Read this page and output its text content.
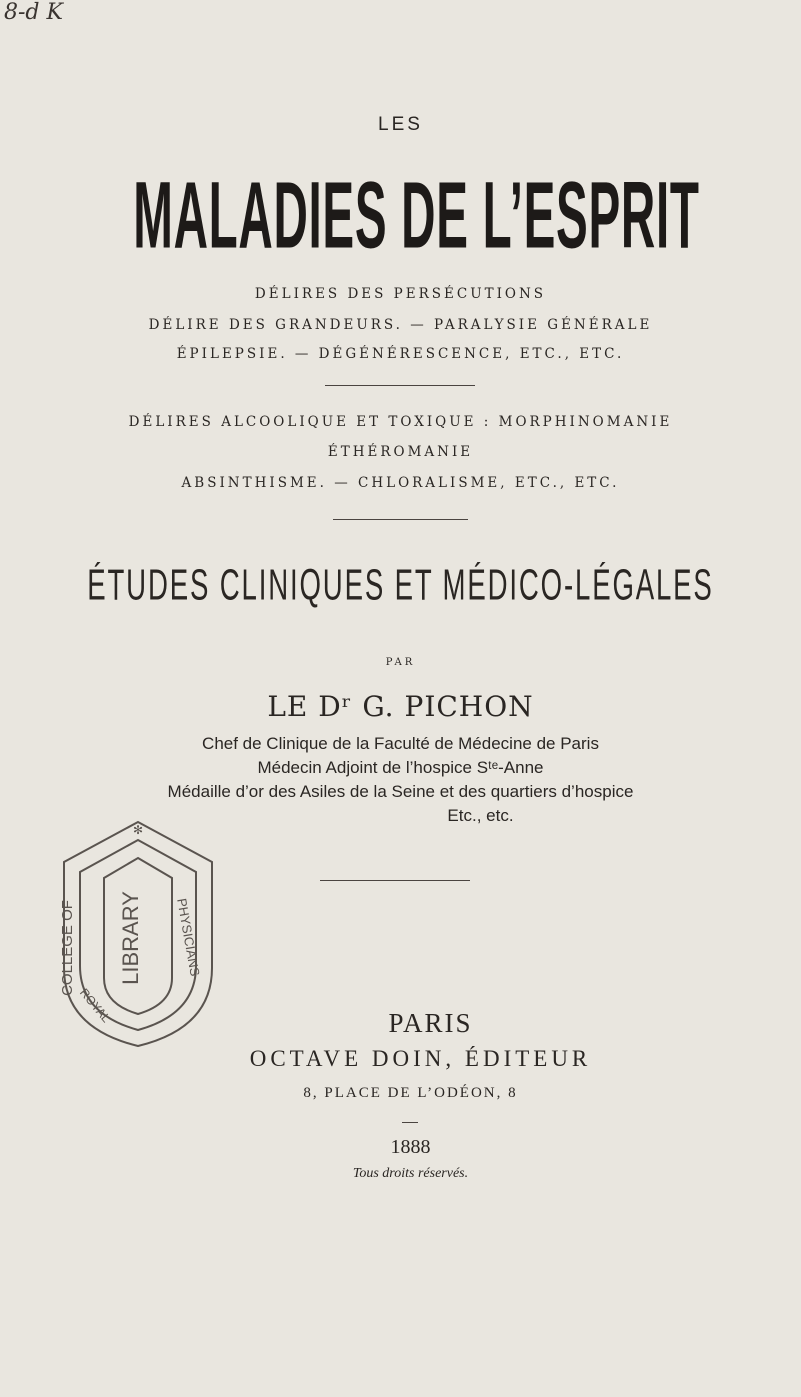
8-d K
LES
MALADIES DE L’ESPRIT
DÉLIRES DES PERSÉCUTIONS
DÉLIRE DES GRANDEURS. — PARALYSIE GÉNÉRALE
ÉPILEPSIE. — DÉGÉNÉRESCENCE, ETC., ETC.
DÉLIRES ALCOOLIQUE ET TOXIQUE : MORPHINOMANIE
ÉTHÉROMANIE
ABSINTHISME. — CHLORALISME, ETC., ETC.
ÉTUDES CLINIQUES ET MÉDICO-LÉGALES
PAR
LE Dʳ G. PICHON
Chef de Clinique de la Faculté de Médecine de Paris
Médecin Adjoint de l’hospice Sᵗᵉ-Anne
Médaille d’or des Asiles de la Seine et des quartiers d’hospice
Etc., etc.
COLLEGE OF LIBRARY PHYSICIANS
ROYAL
✻
PARIS
OCTAVE DOIN, ÉDITEUR
8, PLACE DE L’ODÉON, 8
1888
Tous droits réservés.
